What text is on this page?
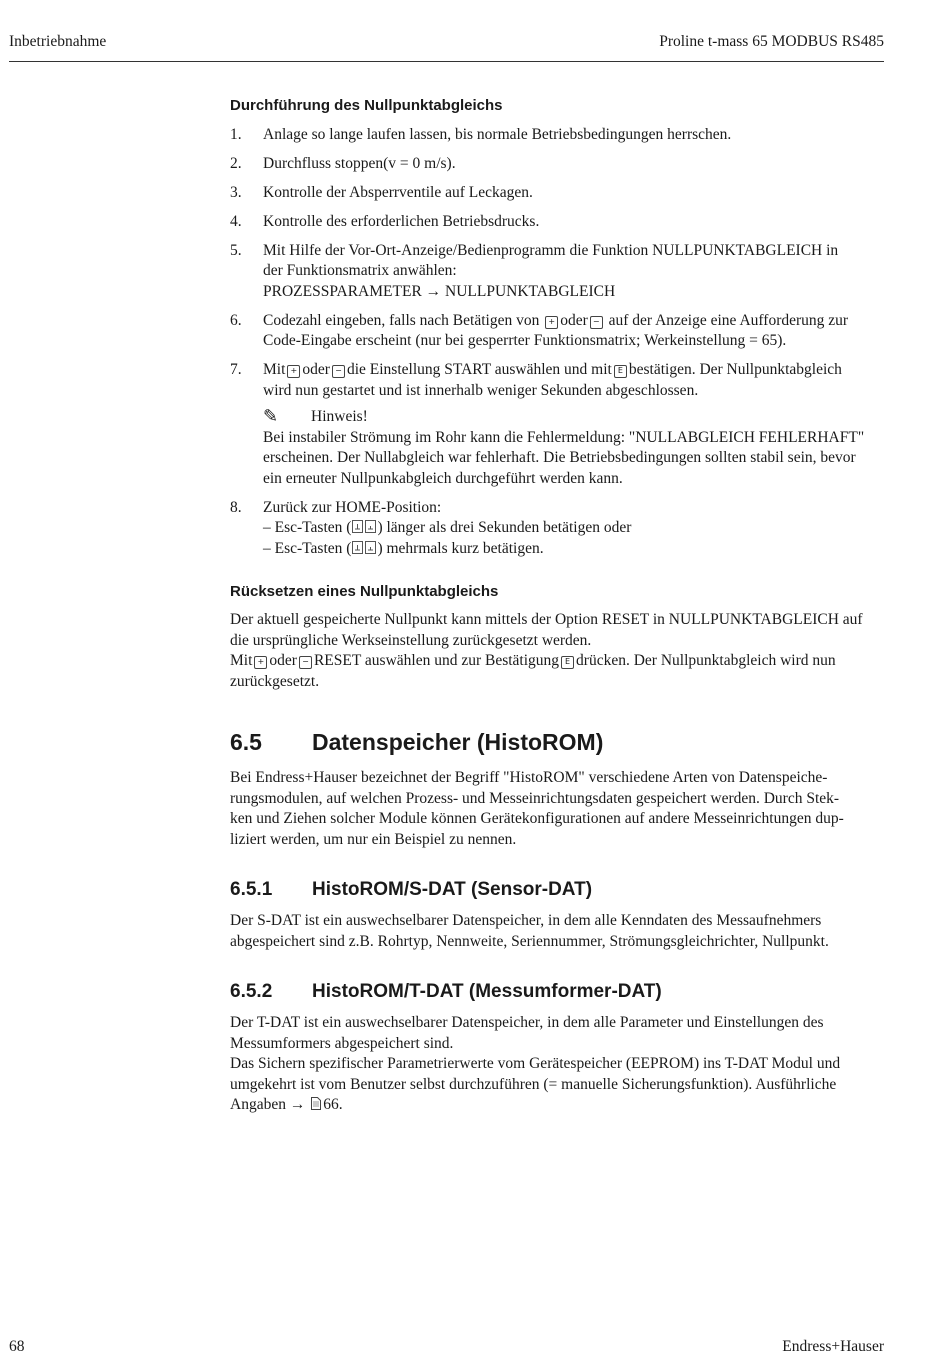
Inbetriebnahme	Proline t-mass 65 MODBUS RS485
Durchführung des Nullpunktabgleichs
1.	Anlage so lange laufen lassen, bis normale Betriebsbedingungen herrschen.
2.	Durchfluss stoppen(v = 0 m/s).
3.	Kontrolle der Absperrventile auf Leckagen.
4.	Kontrolle des erforderlichen Betriebsdrucks.
5.	Mit Hilfe der Vor-Ort-Anzeige/Bedienprogramm die Funktion NULLPUNKTABGLEICH in
der Funktionsmatrix anwählen:
PROZESSPARAMETER → NULLPUNKTABGLEICH
6.	Codezahl eingeben, falls nach Betätigen von + oder − auf der Anzeige eine Aufforderung zur
Code-Eingabe erscheint (nur bei gesperrter Funktionsmatrix; Werkeinstellung = 65).
7.	Mit + oder − die Einstellung START auswählen und mit E bestätigen. Der Nullpunktabgleich
wird nun gestartet und ist innerhalb weniger Sekunden abgeschlossen.
✎	Hinweis!
Bei instabiler Strömung im Rohr kann die Fehlermeldung: "NULLABGLEICH FEHLERHAFT"
erscheinen. Der Nullabgleich war fehlerhaft. Die Betriebsbedingungen sollten stabil sein, bevor
ein erneuter Nullpunkabgleich durchgeführt werden kann.
8.	Zurück zur HOME-Position:
– Esc-Tasten ( ) länger als drei Sekunden betätigen oder
– Esc-Tasten ( ) mehrmals kurz betätigen.
Rücksetzen eines Nullpunktabgleichs

Der aktuell gespeicherte Nullpunkt kann mittels der Option RESET in NULLPUNKTABGLEICH auf
die ursprüngliche Werkseinstellung zurückgesetzt werden.
Mit + oder − RESET auswählen und zur Bestätigung E drücken. Der Nullpunktabgleich wird nun
zurückgesetzt.

6.5	Datenspeicher (HistoROM)

Bei Endress+Hauser bezeichnet der Begriff "HistoROM" verschiedene Arten von Datenspeiche-
rungsmodulen, auf welchen Prozess- und Messeinrichtungsdaten gespeichert werden. Durch Stek-
ken und Ziehen solcher Module können Gerätekonfigurationen auf andere Messeinrichtungen dup-
liziert werden, um nur ein Beispiel zu nennen.

6.5.1	HistoROM/S-DAT (Sensor-DAT)

Der S-DAT ist ein auswechselbarer Datenspeicher, in dem alle Kenndaten des Messaufnehmers
abgespeichert sind z.B. Rohrtyp, Nennweite, Seriennummer, Strömungsgleichrichter, Nullpunkt.

6.5.2	HistoROM/T-DAT (Messumformer-DAT)

Der T-DAT ist ein auswechselbarer Datenspeicher, in dem alle Parameter und Einstellungen des
Messumformers abgespeichert sind.
Das Sichern spezifischer Parametrierwerte vom Gerätespeicher (EEPROM) ins T-DAT Modul und
umgekehrt ist vom Benutzer selbst durchzuführen (= manuelle Sicherungsfunktion). Ausführliche
Angaben → 66.

68	Endress+Hauser
